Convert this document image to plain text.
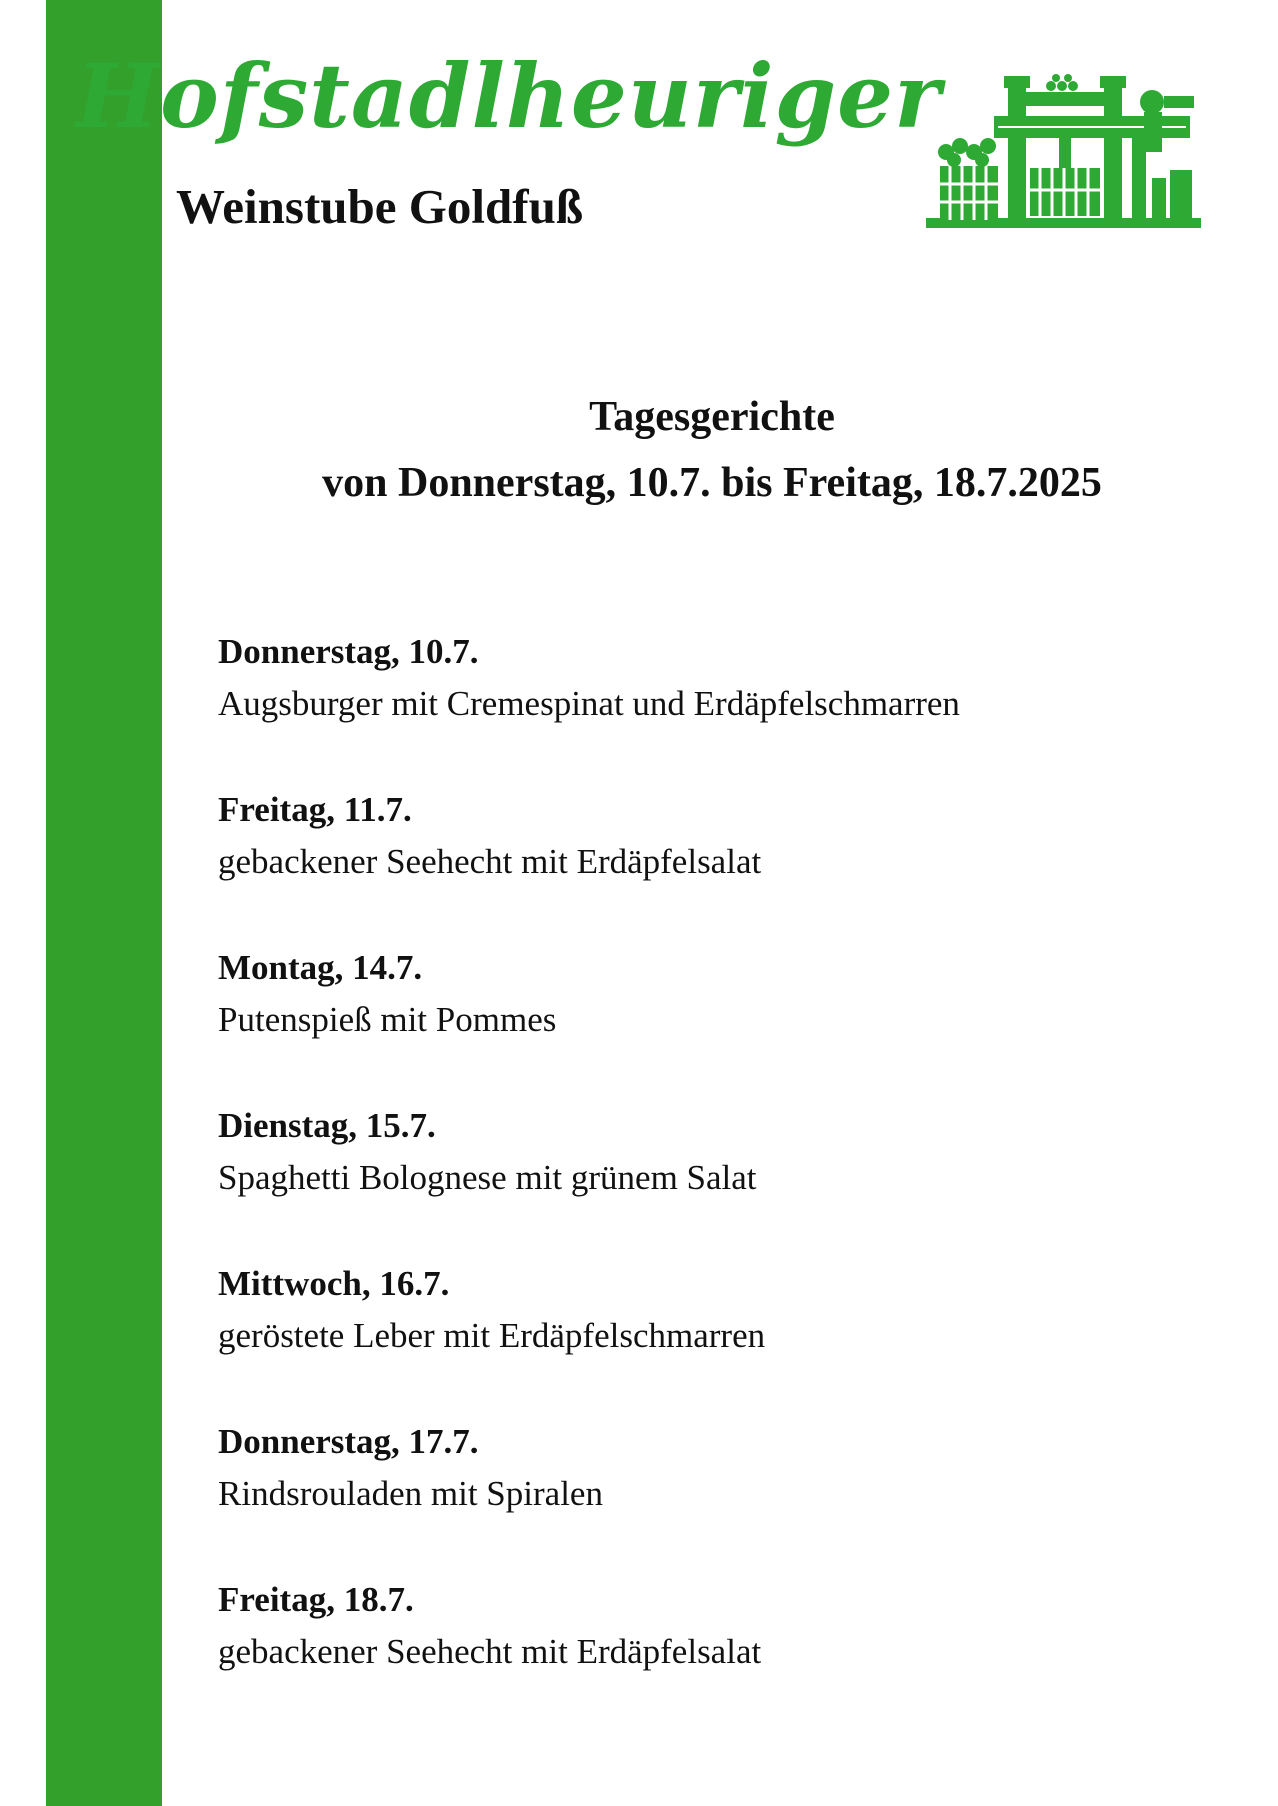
Hofstadlheuriger
Weinstube Goldfuß
Tagesgerichte
von Donnerstag, 10.7. bis Freitag, 18.7.2025
Donnerstag, 10.7.
Augsburger mit Cremespinat und Erdäpfelschmarren
Freitag, 11.7.
gebackener Seehecht mit Erdäpfelsalat
Montag, 14.7.
Putenspieß mit Pommes
Dienstag, 15.7.
Spaghetti Bolognese mit grünem Salat
Mittwoch, 16.7.
geröstete Leber mit Erdäpfelschmarren
Donnerstag, 17.7.
Rindsrouladen mit Spiralen
Freitag, 18.7.
gebackener Seehecht mit Erdäpfelsalat
